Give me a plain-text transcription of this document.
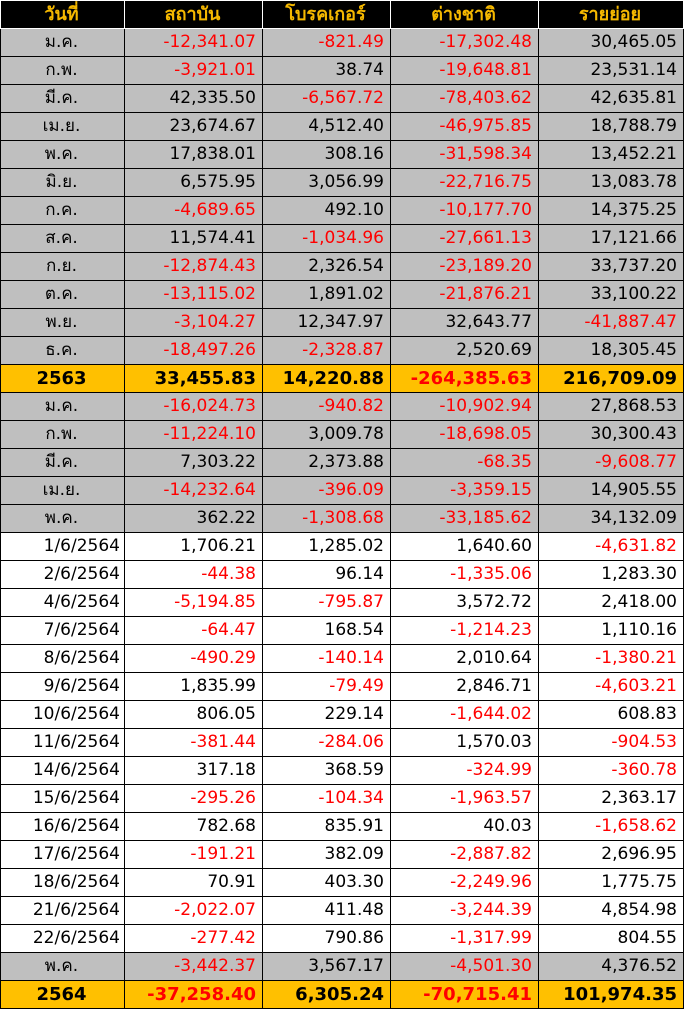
วันที่	สถาบัน	โบรคเกอร์	ต่างชาติ	รายย่อย
ม.ค.	-12,341.07	-821.49	-17,302.48	30,465.05
ก.พ.	-3,921.01	38.74	-19,648.81	23,531.14
มี.ค.	42,335.50	-6,567.72	-78,403.62	42,635.81
เม.ย.	23,674.67	4,512.40	-46,975.85	18,788.79
พ.ค.	17,838.01	308.16	-31,598.34	13,452.21
มิ.ย.	6,575.95	3,056.99	-22,716.75	13,083.78
ก.ค.	-4,689.65	492.10	-10,177.70	14,375.25
ส.ค.	11,574.41	-1,034.96	-27,661.13	17,121.66
ก.ย.	-12,874.43	2,326.54	-23,189.20	33,737.20
ต.ค.	-13,115.02	1,891.02	-21,876.21	33,100.22
พ.ย.	-3,104.27	12,347.97	32,643.77	-41,887.47
ธ.ค.	-18,497.26	-2,328.87	2,520.69	18,305.45
2563	33,455.83	14,220.88	-264,385.63	216,709.09
ม.ค.	-16,024.73	-940.82	-10,902.94	27,868.53
ก.พ.	-11,224.10	3,009.78	-18,698.05	30,300.43
มี.ค.	7,303.22	2,373.88	-68.35	-9,608.77
เม.ย.	-14,232.64	-396.09	-3,359.15	14,905.55
พ.ค.	362.22	-1,308.68	-33,185.62	34,132.09
1/6/2564	1,706.21	1,285.02	1,640.60	-4,631.82
2/6/2564	-44.38	96.14	-1,335.06	1,283.30
4/6/2564	-5,194.85	-795.87	3,572.72	2,418.00
7/6/2564	-64.47	168.54	-1,214.23	1,110.16
8/6/2564	-490.29	-140.14	2,010.64	-1,380.21
9/6/2564	1,835.99	-79.49	2,846.71	-4,603.21
10/6/2564	806.05	229.14	-1,644.02	608.83
11/6/2564	-381.44	-284.06	1,570.03	-904.53
14/6/2564	317.18	368.59	-324.99	-360.78
15/6/2564	-295.26	-104.34	-1,963.57	2,363.17
16/6/2564	782.68	835.91	40.03	-1,658.62
17/6/2564	-191.21	382.09	-2,887.82	2,696.95
18/6/2564	70.91	403.30	-2,249.96	1,775.75
21/6/2564	-2,022.07	411.48	-3,244.39	4,854.98
22/6/2564	-277.42	790.86	-1,317.99	804.55
พ.ค.	-3,442.37	3,567.17	-4,501.30	4,376.52
2564	-37,258.40	6,305.24	-70,715.41	101,974.35
